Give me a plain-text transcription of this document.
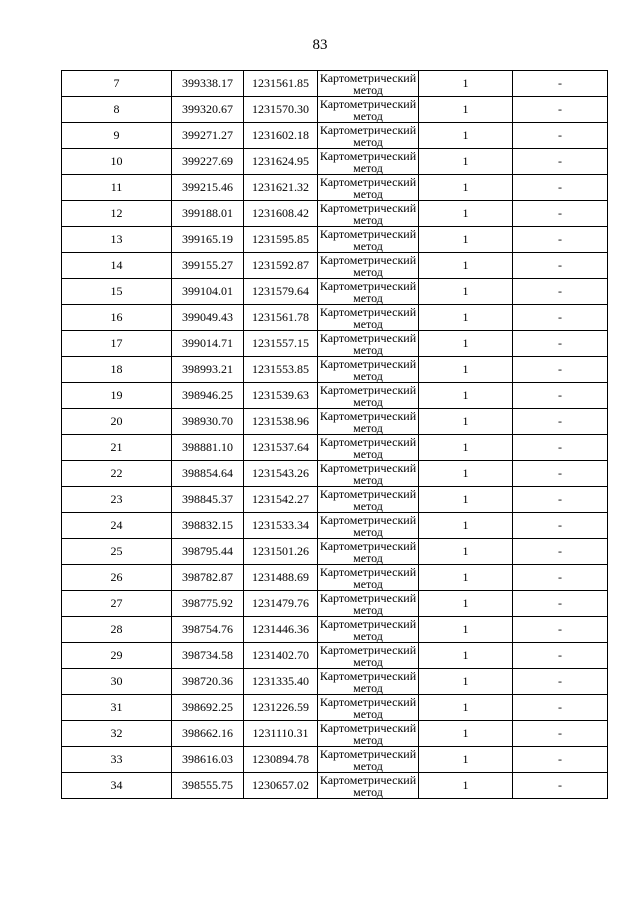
83
7	399338.17	1231561.85	Картометрический метод	1	-
8	399320.67	1231570.30	Картометрический метод	1	-
9	399271.27	1231602.18	Картометрический метод	1	-
10	399227.69	1231624.95	Картометрический метод	1	-
11	399215.46	1231621.32	Картометрический метод	1	-
12	399188.01	1231608.42	Картометрический метод	1	-
13	399165.19	1231595.85	Картометрический метод	1	-
14	399155.27	1231592.87	Картометрический метод	1	-
15	399104.01	1231579.64	Картометрический метод	1	-
16	399049.43	1231561.78	Картометрический метод	1	-
17	399014.71	1231557.15	Картометрический метод	1	-
18	398993.21	1231553.85	Картометрический метод	1	-
19	398946.25	1231539.63	Картометрический метод	1	-
20	398930.70	1231538.96	Картометрический метод	1	-
21	398881.10	1231537.64	Картометрический метод	1	-
22	398854.64	1231543.26	Картометрический метод	1	-
23	398845.37	1231542.27	Картометрический метод	1	-
24	398832.15	1231533.34	Картометрический метод	1	-
25	398795.44	1231501.26	Картометрический метод	1	-
26	398782.87	1231488.69	Картометрический метод	1	-
27	398775.92	1231479.76	Картометрический метод	1	-
28	398754.76	1231446.36	Картометрический метод	1	-
29	398734.58	1231402.70	Картометрический метод	1	-
30	398720.36	1231335.40	Картометрический метод	1	-
31	398692.25	1231226.59	Картометрический метод	1	-
32	398662.16	1231110.31	Картометрический метод	1	-
33	398616.03	1230894.78	Картометрический метод	1	-
34	398555.75	1230657.02	Картометрический метод	1	-
